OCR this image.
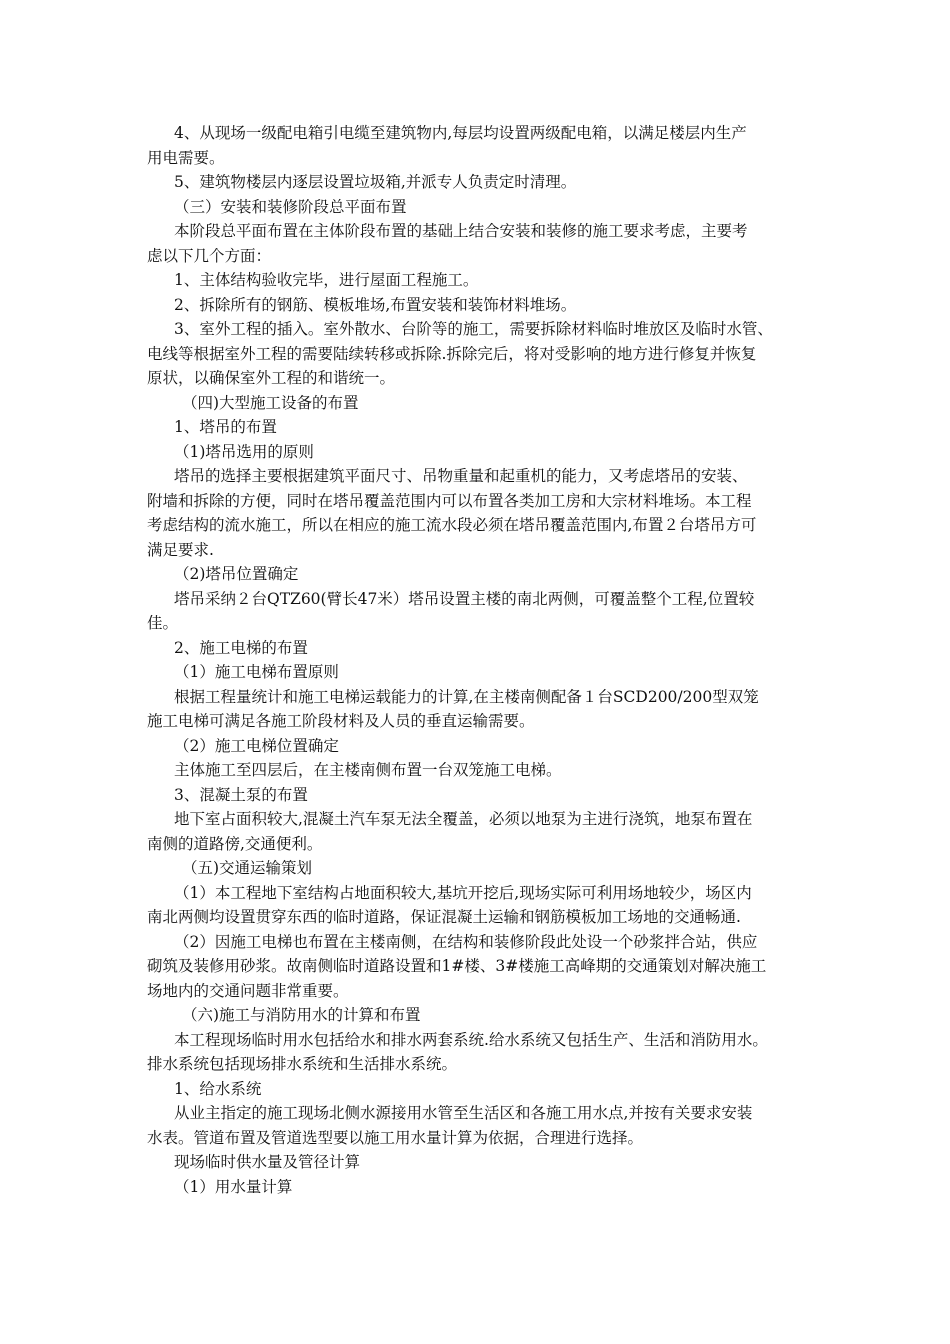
4、从现场一级配电箱引电缆至建筑物内,每层均设置两级配电箱，以满足楼层内生产

用电需要。

5、建筑物楼层内逐层设置垃圾箱,并派专人负责定时清理。

（三）安装和装修阶段总平面布置

本阶段总平面布置在主体阶段布置的基础上结合安装和装修的施工要求考虑，主要考

虑以下几个方面：

1、主体结构验收完毕，进行屋面工程施工。

2、拆除所有的钢筋、模板堆场,布置安装和装饰材料堆场。

3、室外工程的插入。室外散水、台阶等的施工，需要拆除材料临时堆放区及临时水管、

电线等根据室外工程的需要陆续转移或拆除.拆除完后，将对受影响的地方进行修复并恢复

原状，以确保室外工程的和谐统一。

（四)大型施工设备的布置

1、塔吊的布置

（1)塔吊选用的原则

塔吊的选择主要根据建筑平面尺寸、吊物重量和起重机的能力，又考虑塔吊的安装、

附墙和拆除的方便，同时在塔吊覆盖范围内可以布置各类加工房和大宗材料堆场。本工程

考虑结构的流水施工，所以在相应的施工流水段必须在塔吊覆盖范围内,布置２台塔吊方可

满足要求.

（2)塔吊位置确定

塔吊采纳２台QTZ60(臂长47米）塔吊设置主楼的南北两侧，可覆盖整个工程,位置较

佳。

2、施工电梯的布置

（1）施工电梯布置原则

根据工程量统计和施工电梯运载能力的计算,在主楼南侧配备１台SCD200/200型双笼

施工电梯可满足各施工阶段材料及人员的垂直运输需要。

（2）施工电梯位置确定

主体施工至四层后，在主楼南侧布置一台双笼施工电梯。

3、混凝土泵的布置

地下室占面积较大,混凝土汽车泵无法全覆盖，必须以地泵为主进行浇筑，地泵布置在

南侧的道路傍,交通便利。

（五)交通运输策划

（1）本工程地下室结构占地面积较大,基坑开挖后,现场实际可利用场地较少，场区内

南北两侧均设置贯穿东西的临时道路，保证混凝土运输和钢筋模板加工场地的交通畅通.

（2）因施工电梯也布置在主楼南侧，在结构和装修阶段此处设一个砂浆拌合站，供应

砌筑及装修用砂浆。故南侧临时道路设置和1#楼、3#楼施工高峰期的交通策划对解决施工

场地内的交通问题非常重要。

（六)施工与消防用水的计算和布置

本工程现场临时用水包括给水和排水两套系统.给水系统又包括生产、生活和消防用水。

排水系统包括现场排水系统和生活排水系统。

1、给水系统

从业主指定的施工现场北侧水源接用水管至生活区和各施工用水点,并按有关要求安装

水表。管道布置及管道选型要以施工用水量计算为依据，合理进行选择。

现场临时供水量及管径计算

（1）用水量计算
